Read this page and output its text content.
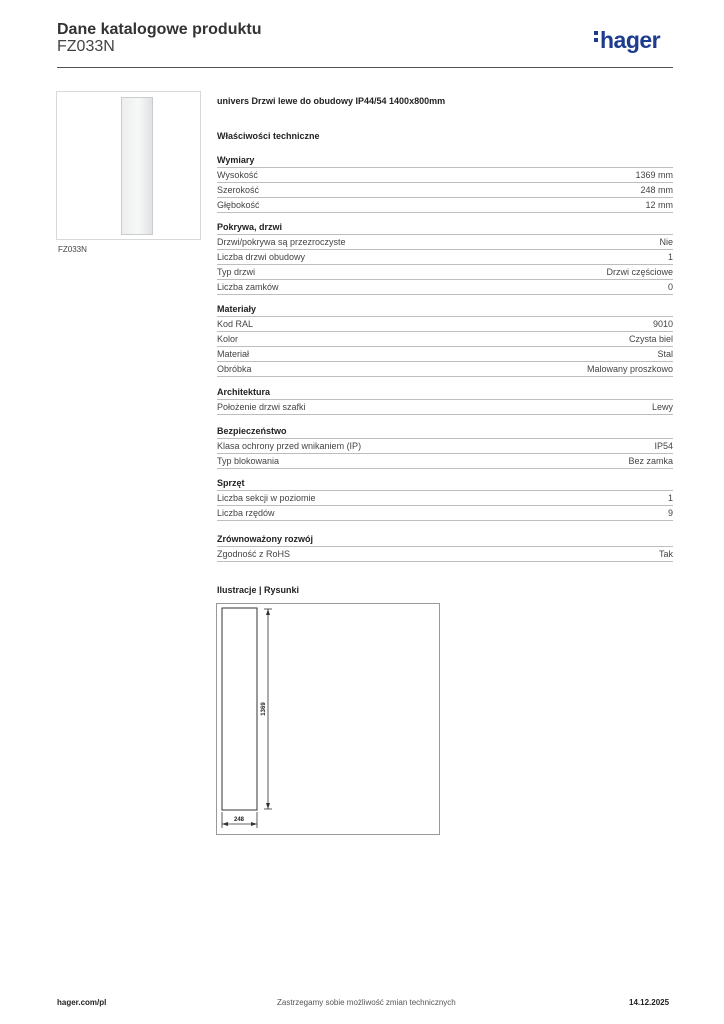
Dane katalogowe produktu
FZ033N	hager
FZ033N
univers Drzwi lewe do obudowy IP44/54 1400x800mm
Właściwości techniczne
Wymiary
Wysokość	1369 mm
Szerokość	248 mm
Głębokość	12 mm
Pokrywa, drzwi
Drzwi/pokrywa są przezroczyste	Nie
Liczba drzwi obudowy	1
Typ drzwi	Drzwi częściowe
Liczba zamków	0
Materiały
Kod RAL	9010
Kolor	Czysta biel
Materiał	Stal
Obróbka	Malowany proszkowo
Architektura
Położenie drzwi szafki	Lewy
Bezpieczeństwo
Klasa ochrony przed wnikaniem (IP)	IP54
Typ blokowania	Bez zamka
Sprzęt
Liczba sekcji w poziomie	1
Liczba rzędów	9
Zrównoważony rozwój
Zgodność z RoHS	Tak
Ilustracje | Rysunki
1369
248
hager.com/pl	Zastrzegamy sobie możliwość zmian technicznych	14.12.2025
